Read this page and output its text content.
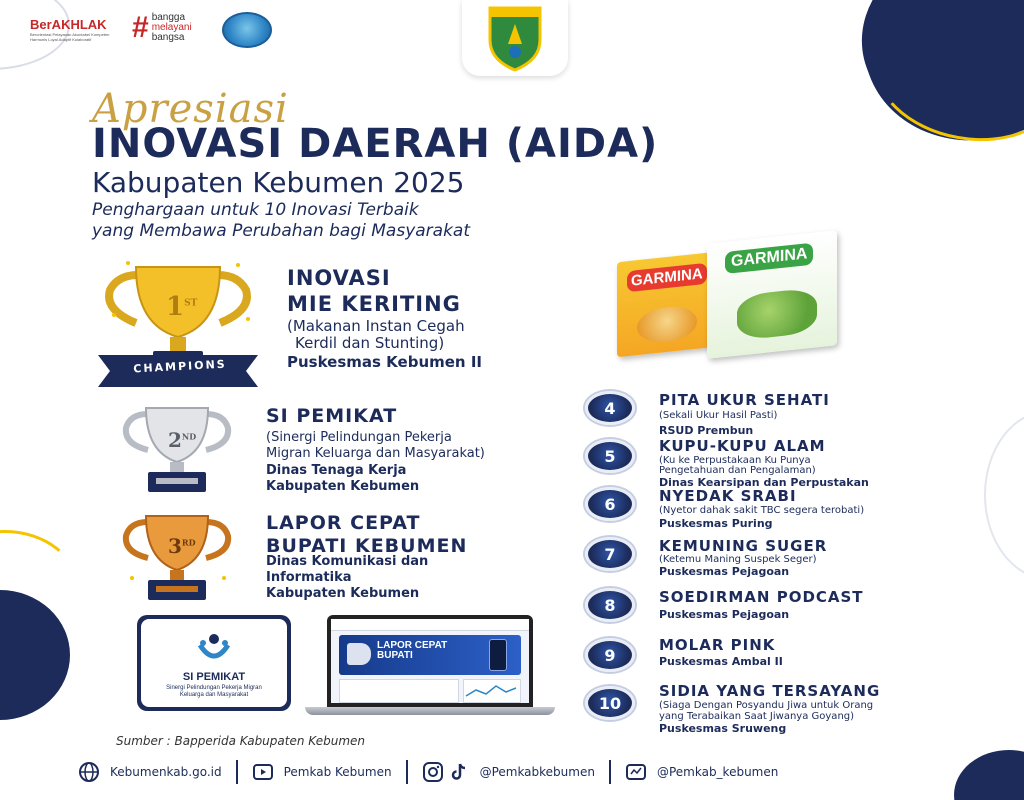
BerAKHLAK
Berorientasi Pelayanan Akuntabel Kompeten Harmonis Loyal Adaptif Kolaboratif	# bangga
melayani
bangsa
Apresiasi
INOVASI DAERAH (AIDA)
Kabupaten Kebumen 2025
Penghargaan untuk 10 Inovasi Terbaik
yang Membawa Perubahan bagi Masyarakat
1ST
CHAMPIONS
INOVASI
MIE KERITING
(Makanan Instan Cegah
Kerdil dan Stunting)
Puskesmas Kebumen II
GARMINA
GARMINA
2ND
SI PEMIKAT
(Sinergi Pelindungan Pekerja
Migran Keluarga dan Masyarakat)
Dinas Tenaga Kerja
Kabupaten Kebumen
3RD
LAPOR CEPAT
BUPATI KEBUMEN
Dinas Komunikasi dan
Informatika
Kabupaten Kebumen
SI PEMIKAT
Sinergi Pelindungan Pekerja Migran Keluarga dan Masyarakat
LAPOR CEPAT BUPATI
Sumber : Bapperida Kabupaten Kebumen
4	PITA UKUR SEHATI
(Sekali Ukur Hasil Pasti)
RSUD Prembun
5
KUPU-KUPU ALAM
(Ku ke Perpustakaan Ku Punya
Pengetahuan dan Pengalaman)
Dinas Kearsipan dan Perpustakan
6	NYEDAK SRABI
(Nyetor dahak sakit TBC segera terobati)
Puskesmas Puring
7	KEMUNING SUGER
(Ketemu Maning Suspek Seger)
Puskesmas Pejagoan
8	SOEDIRMAN PODCAST
Puskesmas Pejagoan
9
MOLAR PINK
Puskesmas Ambal II
10
SIDIA YANG TERSAYANG
(Siaga Dengan Posyandu Jiwa untuk Orang
yang Terabaikan Saat Jiwanya Goyang)
Puskesmas Sruweng
Kebumenkab.go.id	Pemkab Kebumen	@Pemkabkebumen	@Pemkab_kebumen
